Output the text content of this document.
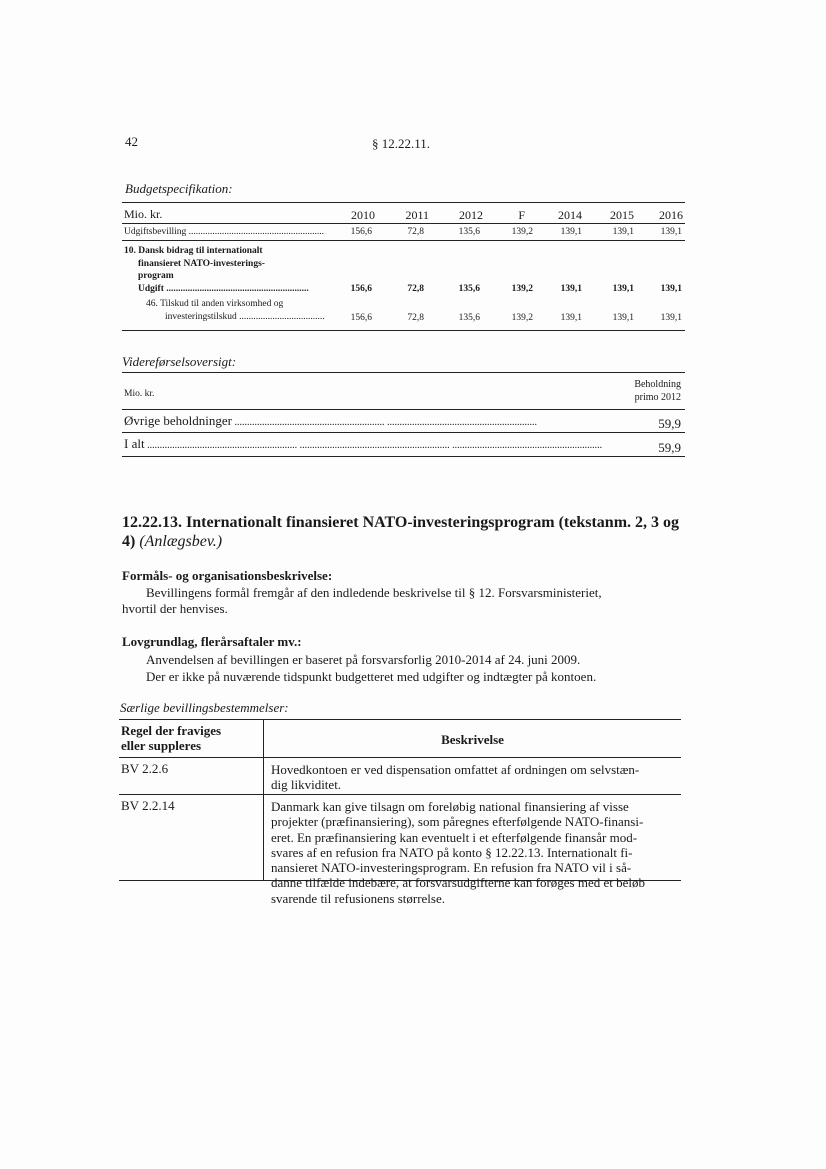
42	§ 12.22.11.
Budgetspecifikation:
Mio. kr.	2010	2011	2012	F	2014	2015	2016
Udgiftsbevilling .....	156,6	72,8	135,6	139,2	139,1	139,1	139,1
10. Dansk bidrag til internationalt
finansieret NATO-investerings-
program
Udgift .....	156,6	72,8	135,6	139,2	139,1	139,1	139,1
46. Tilskud til anden virksomhed og
investeringstilskud .....	156,6	72,8	135,6	139,2	139,1	139,1	139,1
Videreførselsoversigt:
Mio. kr.
Beholdning
primo 2012
Øvrige beholdninger ..... .....	59,9
I alt ..... ..... .....	59,9
12.22.13. Internationalt finansieret NATO-investeringsprogram (tekstanm. 2, 3 og
4) (Anlægsbev.)
Formåls- og organisationsbeskrivelse:
Bevillingens formål fremgår af den indledende beskrivelse til § 12. Forsvarsministeriet,
hvortil der henvises.
Lovgrundlag, flerårsaftaler mv.:
Anvendelsen af bevillingen er baseret på forsvarsforlig 2010-2014 af 24. juni 2009.
Der er ikke på nuværende tidspunkt budgetteret med udgifter og indtægter på kontoen.
Særlige bevillingsbestemmelser:
Regel der fraviges
eller suppleres	Beskrivelse
BV 2.2.6	Hovedkontoen er ved dispensation omfattet af ordningen om selvstæn-
dig likviditet.
BV 2.2.14	Danmark kan give tilsagn om foreløbig national finansiering af visse
projekter (præfinansiering), som påregnes efterfølgende NATO-finansi-
eret. En præfinansiering kan eventuelt i et efterfølgende finansår mod-
svares af en refusion fra NATO på konto § 12.22.13. Internationalt fi-
nansieret NATO-investeringsprogram. En refusion fra NATO vil i så-
danne tilfælde indebære, at forsvarsudgifterne kan forøges med et beløb
svarende til refusionens størrelse.
